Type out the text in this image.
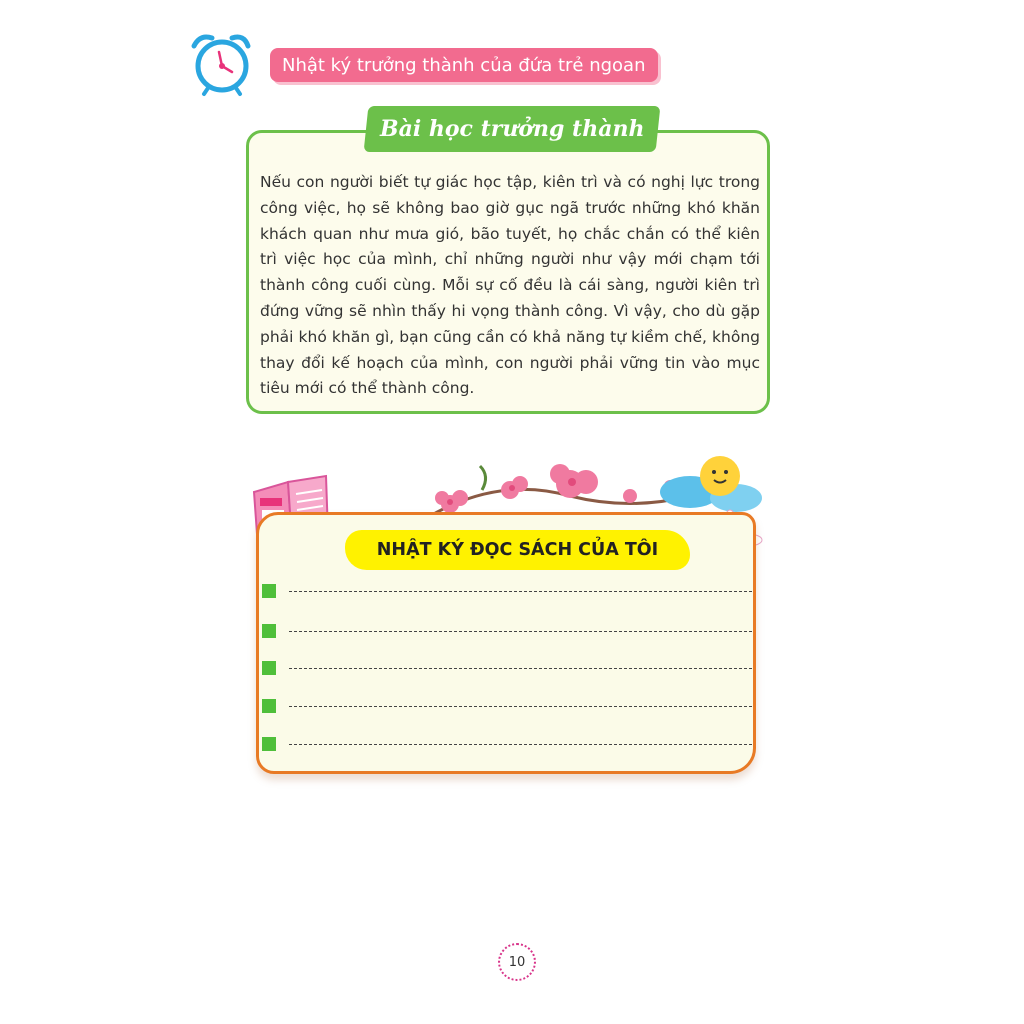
Nhật ký trưởng thành của đứa trẻ ngoan
Bài học trưởng thành
Nếu con người biết tự giác học tập, kiên trì và có nghị lực trong công việc, họ sẽ không bao giờ gục ngã trước những khó khăn khách quan như mưa gió, bão tuyết, họ chắc chắn có thể kiên trì việc học của mình, chỉ những người như vậy mới chạm tới thành công cuối cùng. Mỗi sự cố đều là cái sàng, người kiên trì đứng vững sẽ nhìn thấy hi vọng thành công. Vì vậy, cho dù gặp phải khó khăn gì, bạn cũng cần có khả năng tự kiềm chế, không thay đổi kế hoạch của mình, con người phải vững tin vào mục tiêu mới có thể thành công.
NHẬT KÝ ĐỌC SÁCH CỦA TÔI
10
